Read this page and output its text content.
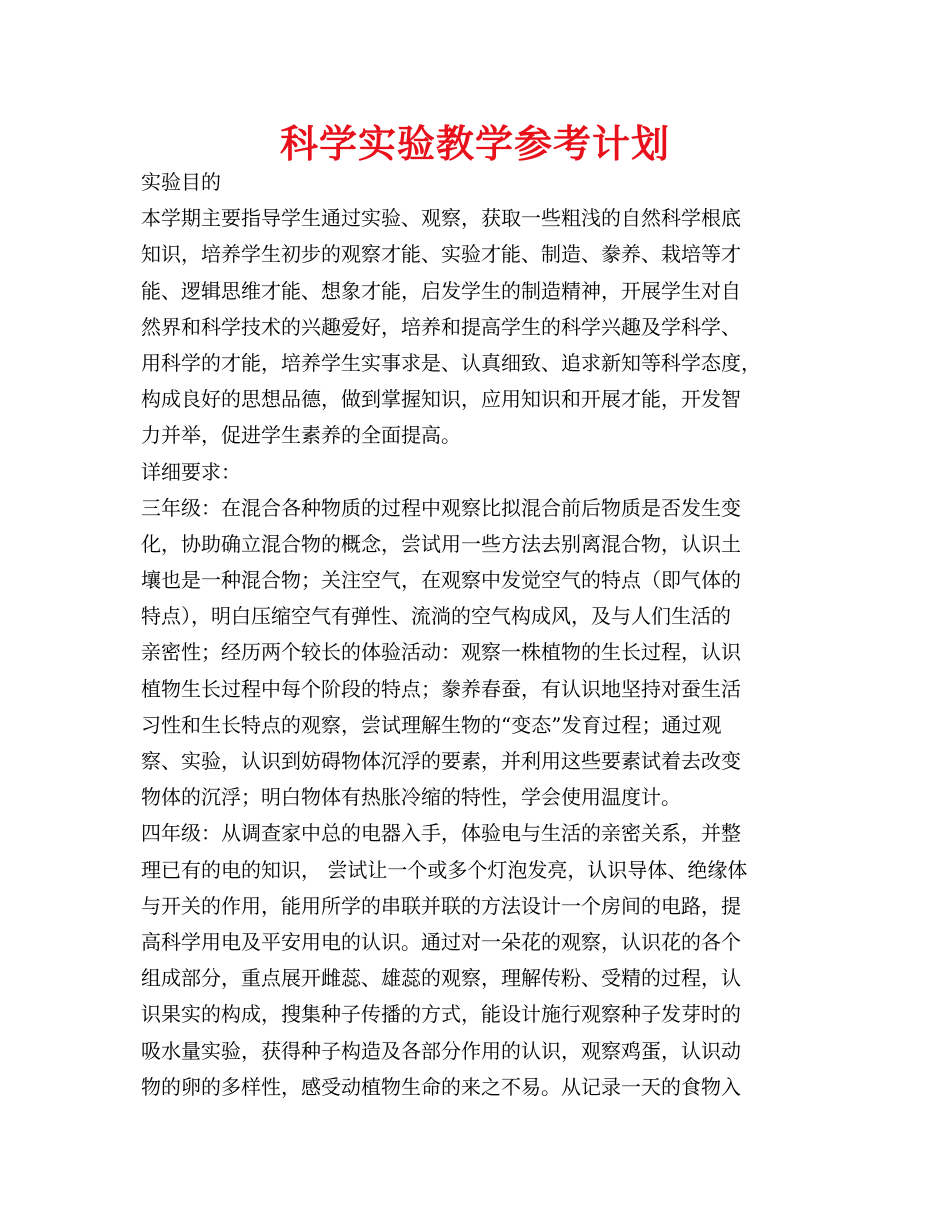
科学实验教学参考计划
实验目的
本学期主要指导学生通过实验、观察，获取一些粗浅的自然科学根底
知识，培养学生初步的观察才能、实验才能、制造、豢养、栽培等才
能、逻辑思维才能、想象才能，启发学生的制造精神，开展学生对自
然界和科学技术的兴趣爱好，培养和提高学生的科学兴趣及学科学、
用科学的才能，培养学生实事求是、认真细致、追求新知等科学态度，
构成良好的思想品德，做到掌握知识，应用知识和开展才能，开发智
力并举，促进学生素养的全面提高。
详细要求：
三年级：在混合各种物质的过程中观察比拟混合前后物质是否发生变
化，协助确立混合物的概念，尝试用一些方法去别离混合物，认识土
壤也是一种混合物；关注空气，在观察中发觉空气的特点（即气体的
特点），明白压缩空气有弹性、流淌的空气构成风，及与人们生活的
亲密性；经历两个较长的体验活动：观察一株植物的生长过程，认识
植物生长过程中每个阶段的特点；豢养春蚕，有认识地坚持对蚕生活
习性和生长特点的观察，尝试理解生物的“变态”发育过程；通过观
察、实验，认识到妨碍物体沉浮的要素，并利用这些要素试着去改变
物体的沉浮；明白物体有热胀冷缩的特性，学会使用温度计。
四年级：从调查家中总的电器入手，体验电与生活的亲密关系，并整
理已有的电的知识， 尝试让一个或多个灯泡发亮，认识导体、绝缘体
与开关的作用，能用所学的串联并联的方法设计一个房间的电路，提
高科学用电及平安用电的认识。通过对一朵花的观察，认识花的各个
组成部分，重点展开雌蕊、雄蕊的观察，理解传粉、受精的过程，认
识果实的构成，搜集种子传播的方式，能设计施行观察种子发芽时的
吸水量实验，获得种子构造及各部分作用的认识，观察鸡蛋，认识动
物的卵的多样性，感受动植物生命的来之不易。从记录一天的食物入
